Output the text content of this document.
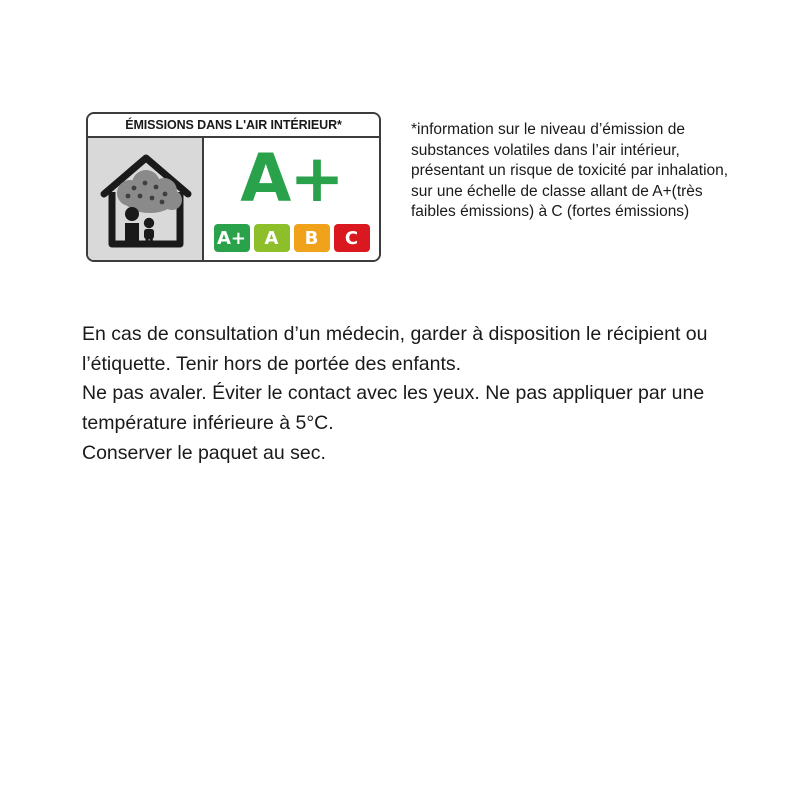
ÉMISSIONS DANS L'AIR INTÉRIEUR*
A+
A+	A	B	C

*information sur le niveau d’émission de substances volatiles dans l’air intérieur, présentant un risque de toxicité par inhalation, sur une échelle de classe allant de A+(très faibles émissions) à C (fortes émissions)

En cas de consultation d’un médecin, garder à disposition le récipient ou l’étiquette. Tenir hors de portée des enfants.

Ne pas avaler. Éviter le contact avec les yeux. Ne pas appliquer par une température inférieure à 5°C.

Conserver le paquet au sec.
